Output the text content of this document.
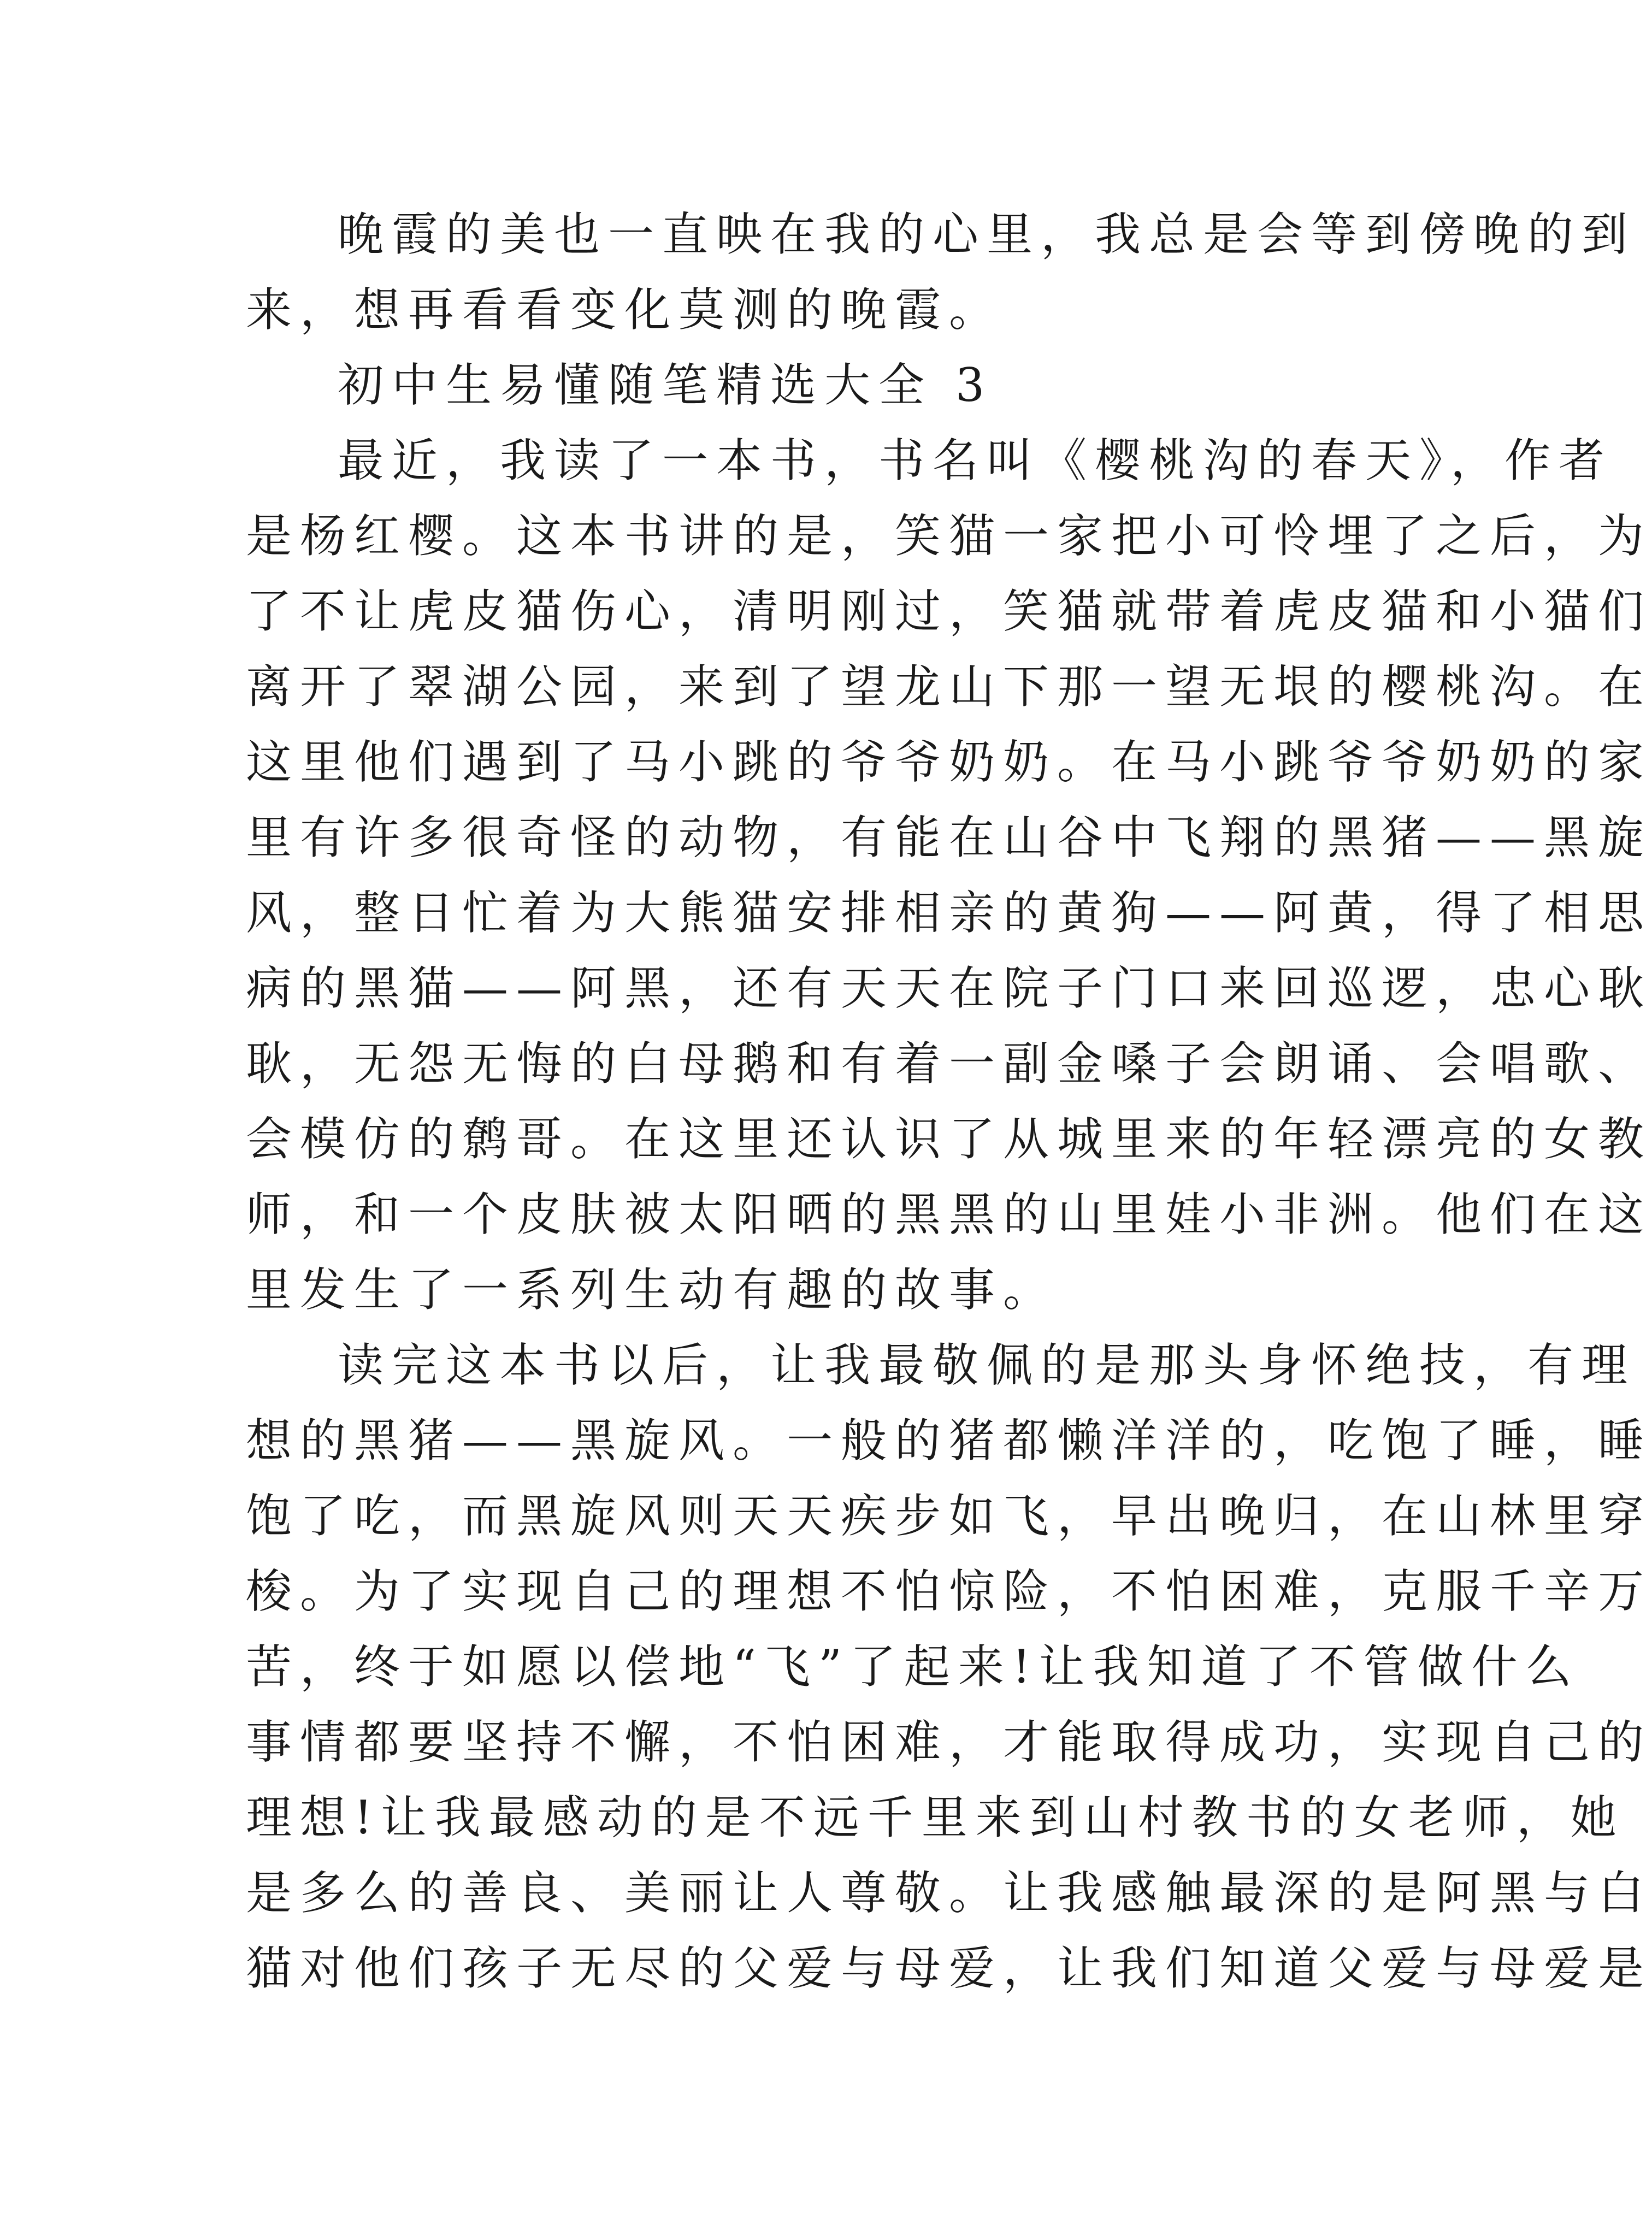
晚霞的美也一直映在我的心里，我总是会等到傍晚的到
来，想再看看变化莫测的晚霞。
初中生易懂随笔精选大全 3
最近，我读了一本书，书名叫《樱桃沟的春天》，作者
是杨红樱。这本书讲的是，笑猫一家把小可怜埋了之后，为
了不让虎皮猫伤心，清明刚过，笑猫就带着虎皮猫和小猫们
离开了翠湖公园，来到了望龙山下那一望无垠的樱桃沟。在
这里他们遇到了马小跳的爷爷奶奶。在马小跳爷爷奶奶的家
里有许多很奇怪的动物，有能在山谷中飞翔的黑猪——黑旋
风，整日忙着为大熊猫安排相亲的黄狗——阿黄，得了相思
病的黑猫——阿黑，还有天天在院子门口来回巡逻，忠心耿
耿，无怨无悔的白母鹅和有着一副金嗓子会朗诵、会唱歌、
会模仿的鹩哥。在这里还认识了从城里来的年轻漂亮的女教
师，和一个皮肤被太阳晒的黑黑的山里娃小非洲。他们在这
里发生了一系列生动有趣的故事。
读完这本书以后，让我最敬佩的是那头身怀绝技，有理
想的黑猪——黑旋风。一般的猪都懒洋洋的，吃饱了睡，睡
饱了吃，而黑旋风则天天疾步如飞，早出晚归，在山林里穿
梭。为了实现自己的理想不怕惊险，不怕困难，克服千辛万
苦，终于如愿以偿地“飞”了起来!让我知道了不管做什么
事情都要坚持不懈，不怕困难，才能取得成功，实现自己的
理想!让我最感动的是不远千里来到山村教书的女老师，她
是多么的善良、美丽让人尊敬。让我感触最深的是阿黑与白
猫对他们孩子无尽的父爱与母爱，让我们知道父爱与母爱是
